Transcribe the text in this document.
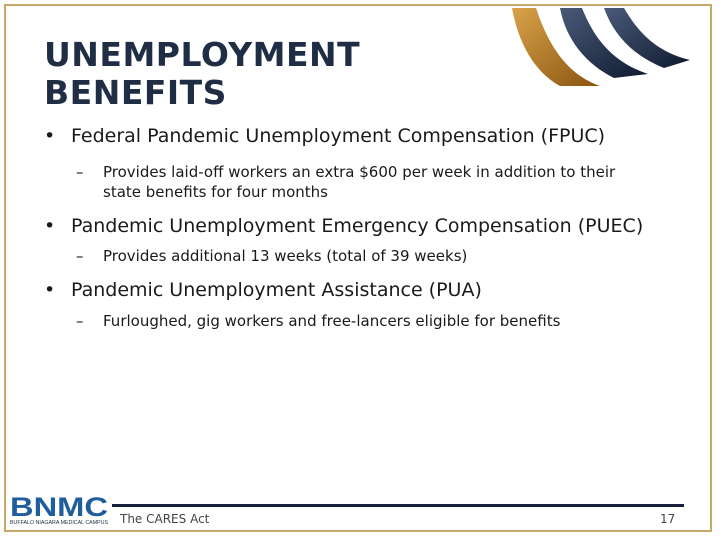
UNEMPLOYMENT
BENEFITS
• Federal Pandemic Unemployment Compensation (FPUC)
– Provides laid-off workers an extra $600 per week in addition to their
state benefits for four months
• Pandemic Unemployment Emergency Compensation (PUEC)
– Provides additional 13 weeks (total of 39 weeks)
• Pandemic Unemployment Assistance (PUA)
– Furloughed, gig workers and free-lancers eligible for benefits
BNMC
BUFFALO NIAGARA MEDICAL CAMPUS The CARES Act	17
